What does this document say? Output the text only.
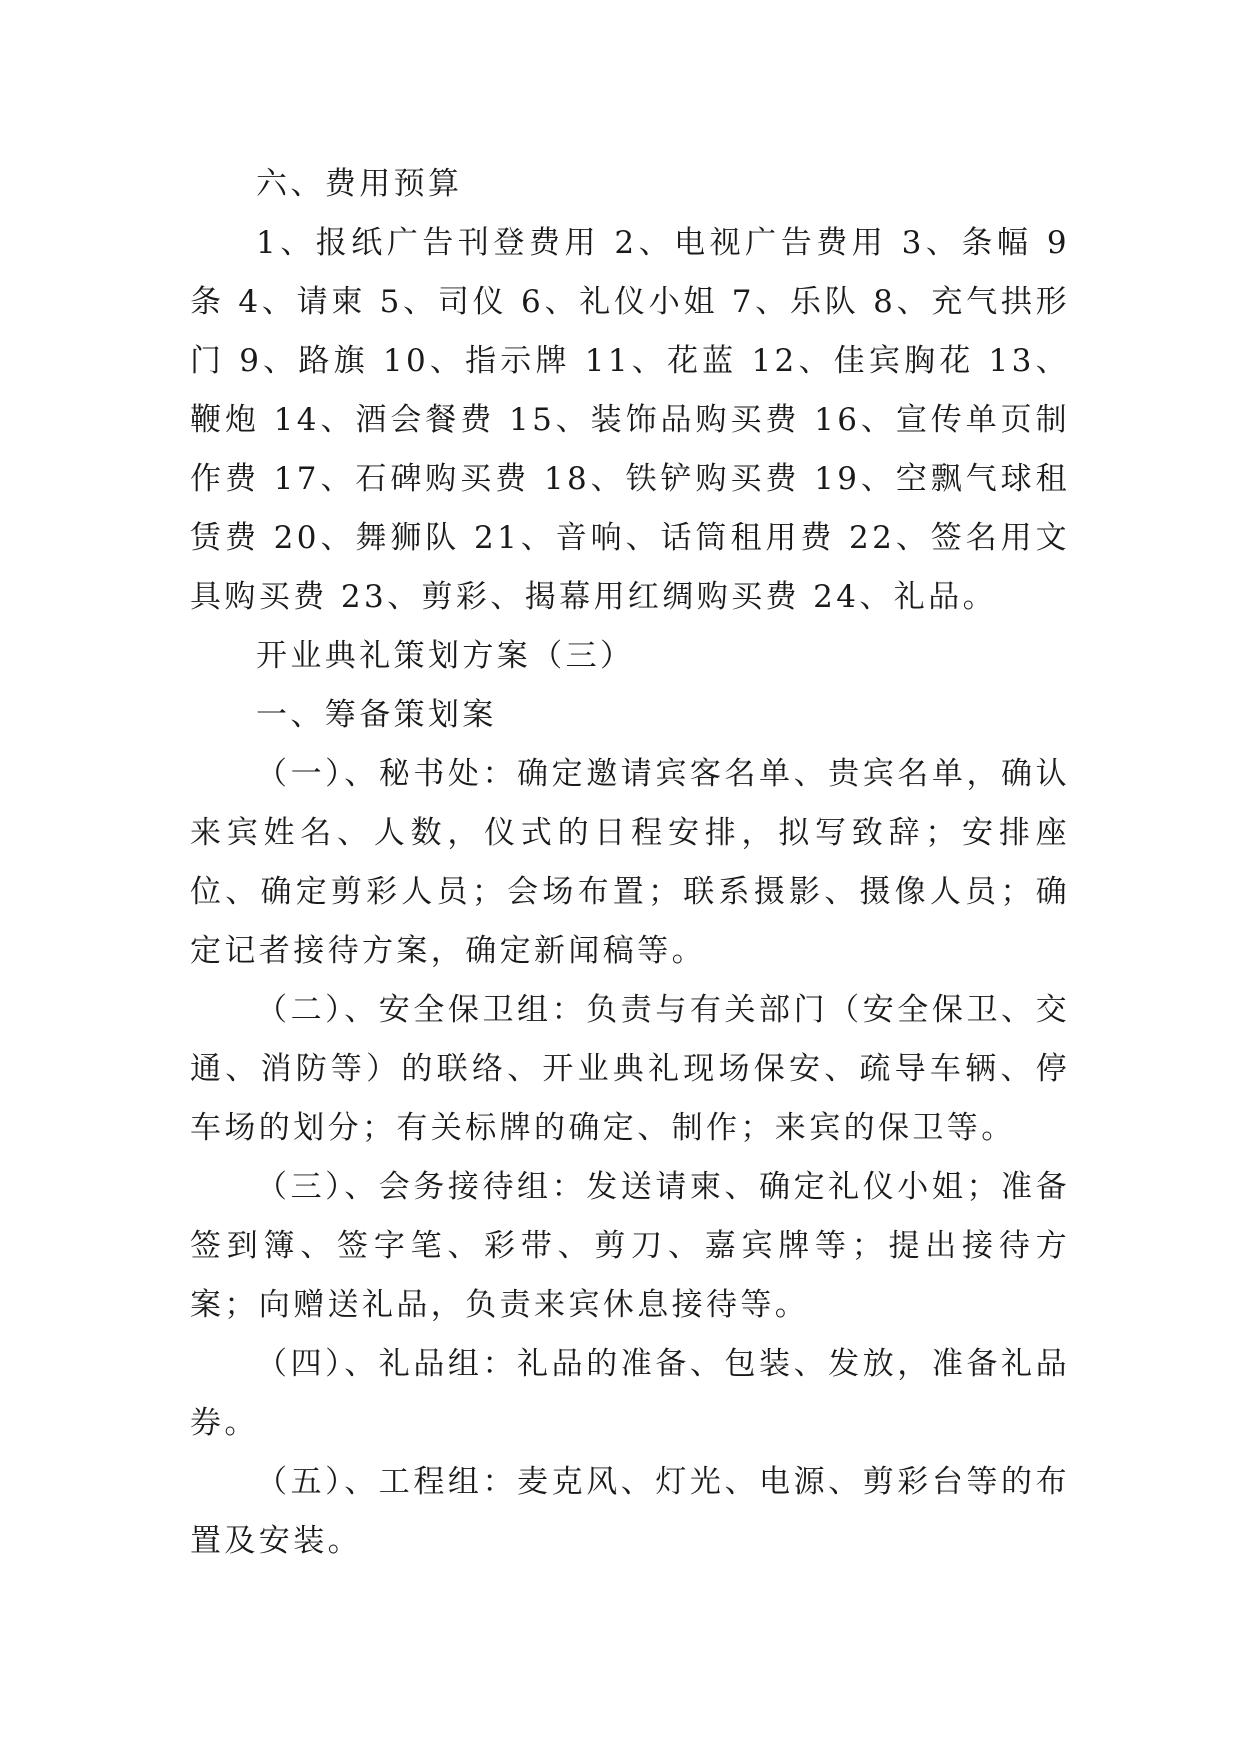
六、费用预算

1、报纸广告刊登费用 2、电视广告费用 3、条幅 9 条 4、请柬 5、司仪 6、礼仪小姐 7、乐队 8、充气拱形门 9、路旗 10、指示牌 11、花蓝 12、佳宾胸花 13、鞭炮 14、酒会餐费 15、装饰品购买费 16、宣传单页制作费 17、石碑购买费 18、铁铲购买费 19、空飘气球租赁费 20、舞狮队 21、音响、话筒租用费 22、签名用文具购买费 23、剪彩、揭幕用红绸购买费 24、礼品。

开业典礼策划方案（三）

一、筹备策划案

（一）、秘书处：确定邀请宾客名单、贵宾名单，确认来宾姓名、人数，仪式的日程安排，拟写致辞；安排座位、确定剪彩人员；会场布置；联系摄影、摄像人员；确定记者接待方案，确定新闻稿等。

（二）、安全保卫组：负责与有关部门（安全保卫、交通、消防等）的联络、开业典礼现场保安、疏导车辆、停车场的划分；有关标牌的确定、制作；来宾的保卫等。

（三）、会务接待组：发送请柬、确定礼仪小姐；准备签到簿、签字笔、彩带、剪刀、嘉宾牌等；提出接待方案；向赠送礼品，负责来宾休息接待等。

（四）、礼品组：礼品的准备、包装、发放，准备礼品券。

（五）、工程组：麦克风、灯光、电源、剪彩台等的布置及安装。
